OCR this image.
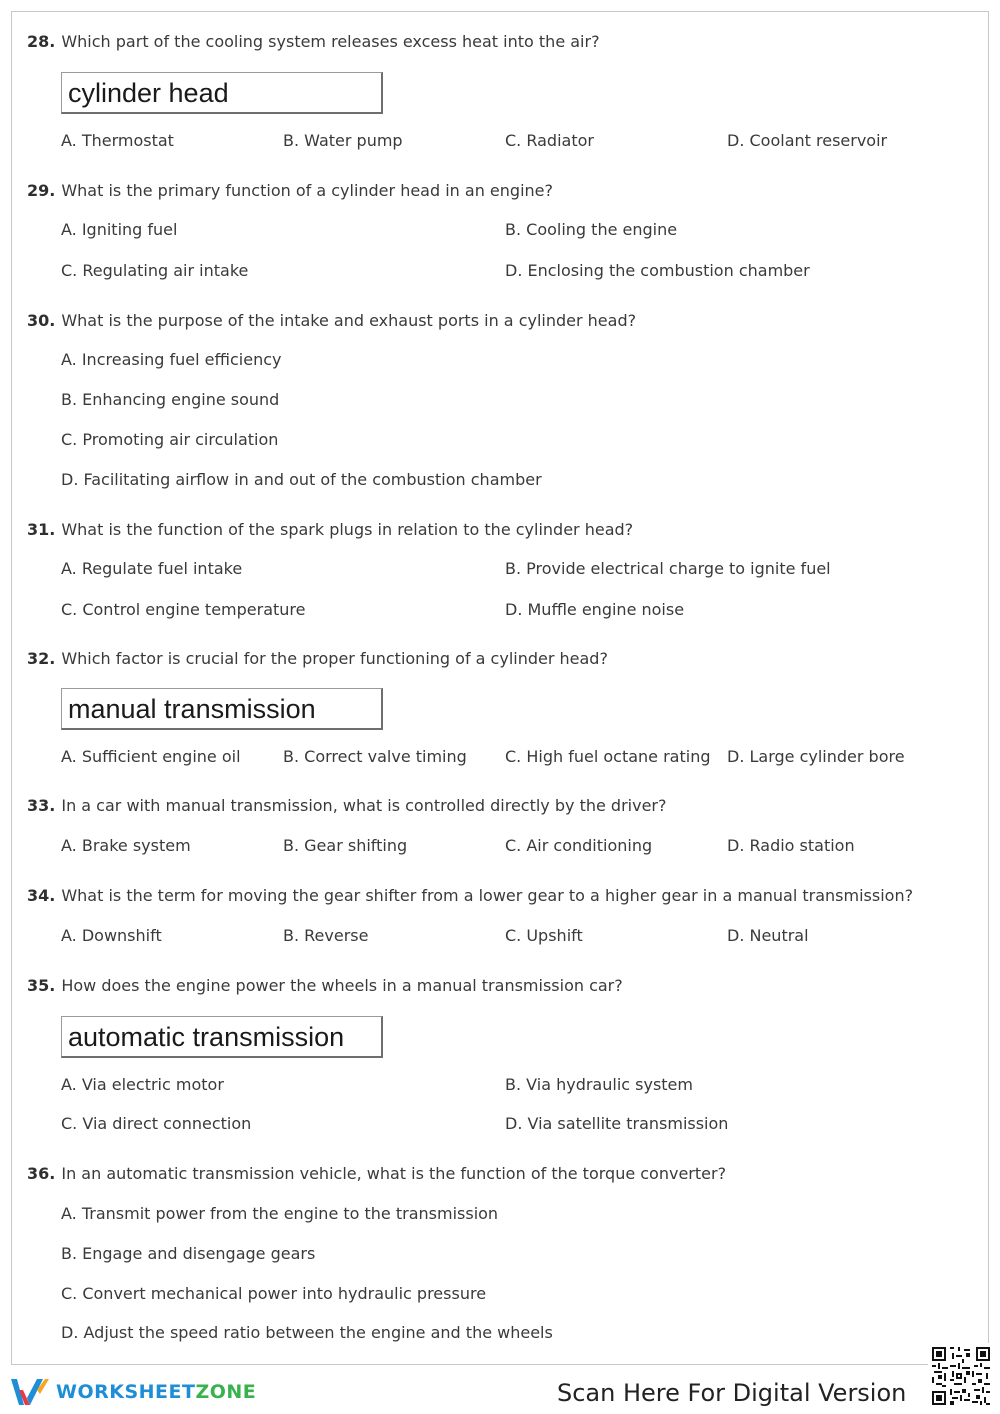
28. Which part of the cooling system releases excess heat into the air?
cylinder head
A. Thermostat	B. Water pump	C. Radiator	D. Coolant reservoir
29. What is the primary function of a cylinder head in an engine?
A. Igniting fuel	B. Cooling the engine
C. Regulating air intake	D. Enclosing the combustion chamber
30. What is the purpose of the intake and exhaust ports in a cylinder head?
A. Increasing fuel efficiency
B. Enhancing engine sound
C. Promoting air circulation
D. Facilitating airflow in and out of the combustion chamber
31. What is the function of the spark plugs in relation to the cylinder head?
A. Regulate fuel intake	B. Provide electrical charge to ignite fuel
C. Control engine temperature	D. Muffle engine noise
32. Which factor is crucial for the proper functioning of a cylinder head?
manual transmission
A. Sufficient engine oil	B. Correct valve timing C. High fuel octane rating D. Large cylinder bore
33. In a car with manual transmission, what is controlled directly by the driver?
A. Brake system	B. Gear shifting	C. Air conditioning	D. Radio station
34. What is the term for moving the gear shifter from a lower gear to a higher gear in a manual transmission?
A. Downshift	B. Reverse	C. Upshift	D. Neutral
35. How does the engine power the wheels in a manual transmission car?
automatic transmission
A. Via electric motor	B. Via hydraulic system
C. Via direct connection	D. Via satellite transmission
36. In an automatic transmission vehicle, what is the function of the torque converter?
A. Transmit power from the engine to the transmission
B. Engage and disengage gears
C. Convert mechanical power into hydraulic pressure
D. Adjust the speed ratio between the engine and the wheels
WORKSHEETZONE	Scan Here For Digital Version
